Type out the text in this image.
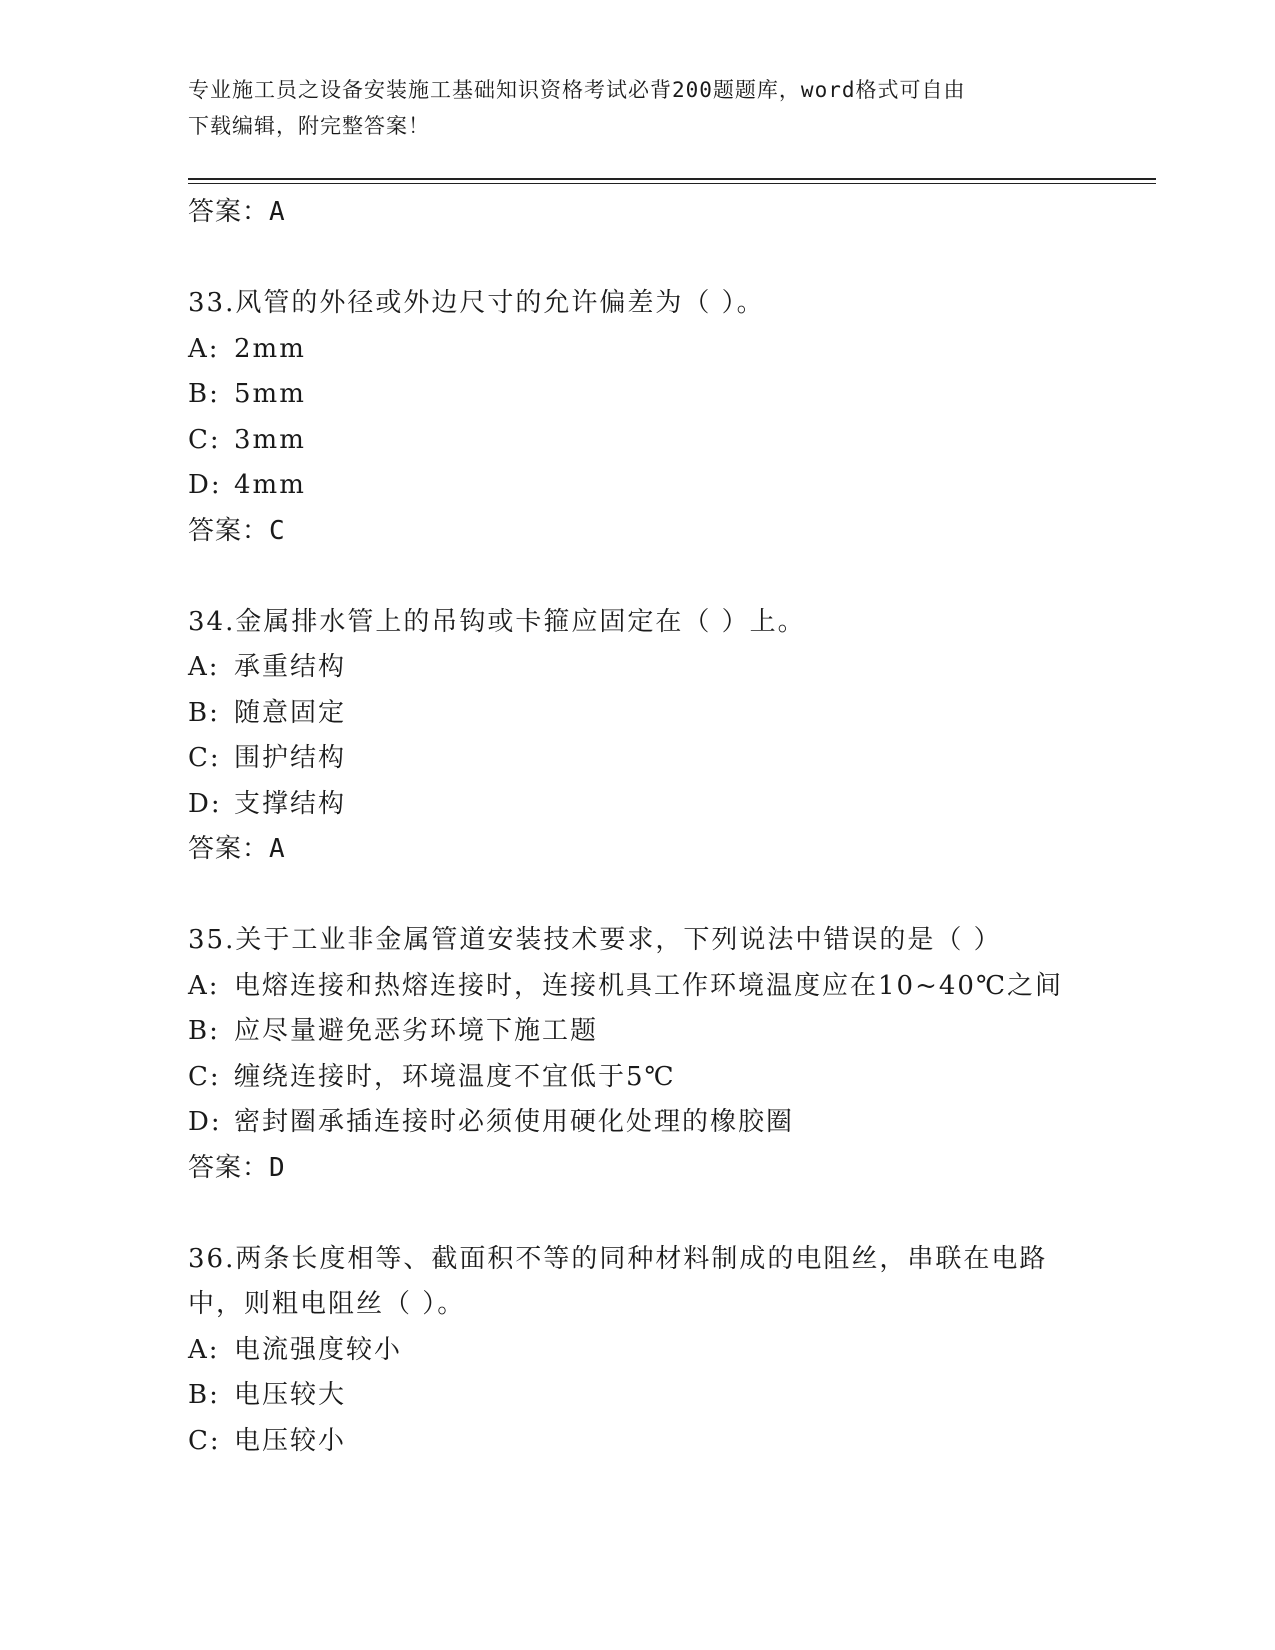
专业施工员之设备安装施工基础知识资格考试必背200题题库，word格式可自由
下载编辑，附完整答案！
答案：A
33.风管的外径或外边尺寸的允许偏差为（ ）。
A: 2mm
B: 5mm
C: 3mm
D: 4mm
答案：C
34.金属排水管上的吊钩或卡箍应固定在（ ）上。
A: 承重结构
B: 随意固定
C: 围护结构
D: 支撑结构
答案：A
35.关于工业非金属管道安装技术要求，下列说法中错误的是（ ）
A: 电熔连接和热熔连接时，连接机具工作环境温度应在10~40℃之间
B: 应尽量避免恶劣环境下施工题
C: 缠绕连接时，环境温度不宜低于5℃
D: 密封圈承插连接时必须使用硬化处理的橡胶圈
答案：D
36.两条长度相等、截面积不等的同种材料制成的电阻丝，串联在电路
中，则粗电阻丝（ ）。
A: 电流强度较小
B: 电压较大
C: 电压较小
